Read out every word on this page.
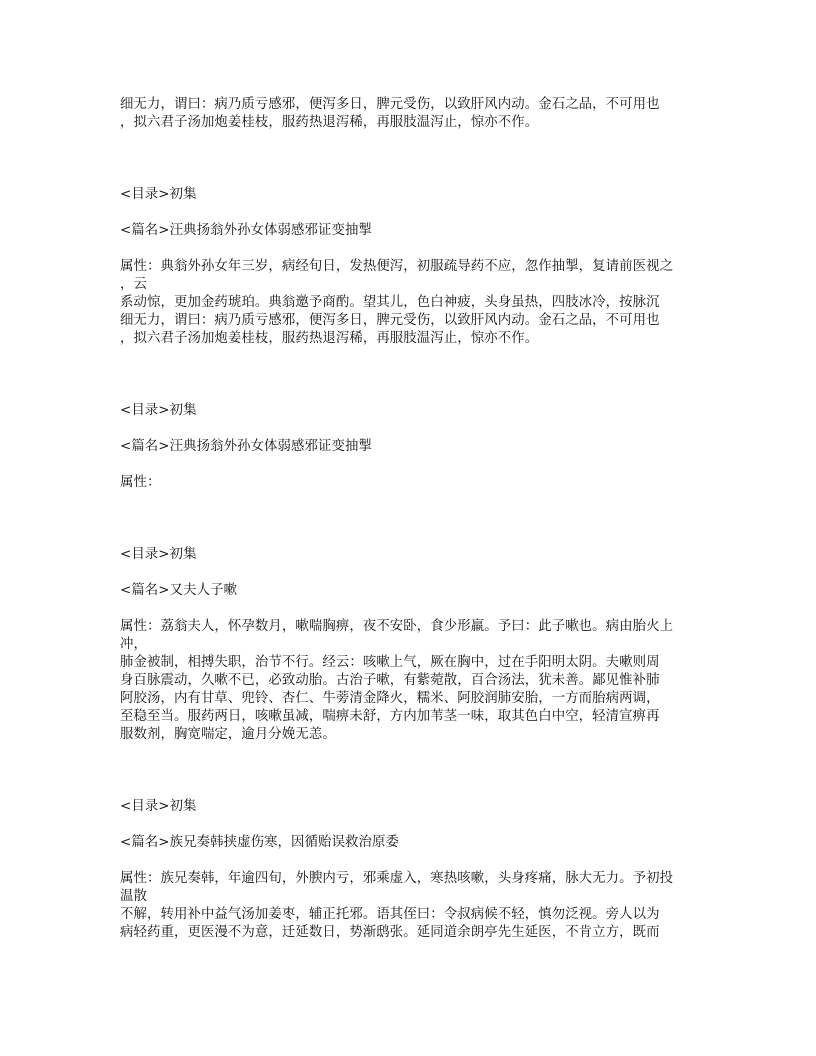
细无力，谓曰：病乃质亏感邪，便泻多日，脾元受伤，以致肝风内动。金石之品，不可用也
，拟六君子汤加炮姜桂枝，服药热退泻稀，再服肢温泻止，惊亦不作。
<目录>初集
<篇名>汪典扬翁外孙女体弱感邪证变抽掣
属性：典翁外孙女年三岁，病经旬日，发热便泻，初服疏导药不应，忽作抽掣，复请前医视之
，云
系动惊，更加金药琥珀。典翁邀予商酌。望其儿，色白神疲，头身虽热，四肢冰冷，按脉沉
细无力，谓曰：病乃质亏感邪，便泻多日，脾元受伤，以致肝风内动。金石之品，不可用也
，拟六君子汤加炮姜桂枝，服药热退泻稀，再服肢温泻止，惊亦不作。
<目录>初集
<篇名>汪典扬翁外孙女体弱感邪证变抽掣
属性：
<目录>初集
<篇名>又夫人子嗽
属性：荔翁夫人，怀孕数月，嗽喘胸痹，夜不安卧，食少形羸。予曰：此子嗽也。病由胎火上
冲，
肺金被制，相搏失职，治节不行。经云：咳嗽上气，厥在胸中，过在手阳明太阴。夫嗽则周
身百脉震动，久嗽不已，必致动胎。古治子嗽，有紫菀散，百合汤法，犹未善。鄙见惟补肺
阿胶汤，内有甘草、兜铃、杏仁、牛蒡清金降火，糯米、阿胶润肺安胎，一方而胎病两调，
至稳至当。服药两日，咳嗽虽减，喘痹未舒，方内加苇茎一味，取其色白中空，轻清宣痹再
服数剂，胸宽喘定，逾月分娩无恙。
<目录>初集
<篇名>族兄奏韩挟虚伤寒，因循贻误救治原委
属性：族兄奏韩，年逾四旬，外腴内亏，邪乘虚入，寒热咳嗽，头身疼痛，脉大无力。予初投
温散
不解，转用补中益气汤加姜枣，辅正托邪。语其侄曰：令叔病候不轻，慎勿泛视。旁人以为
病轻药重，更医漫不为意，迁延数日，势渐鸱张。延同道余朗亭先生延医，不肯立方，既而
